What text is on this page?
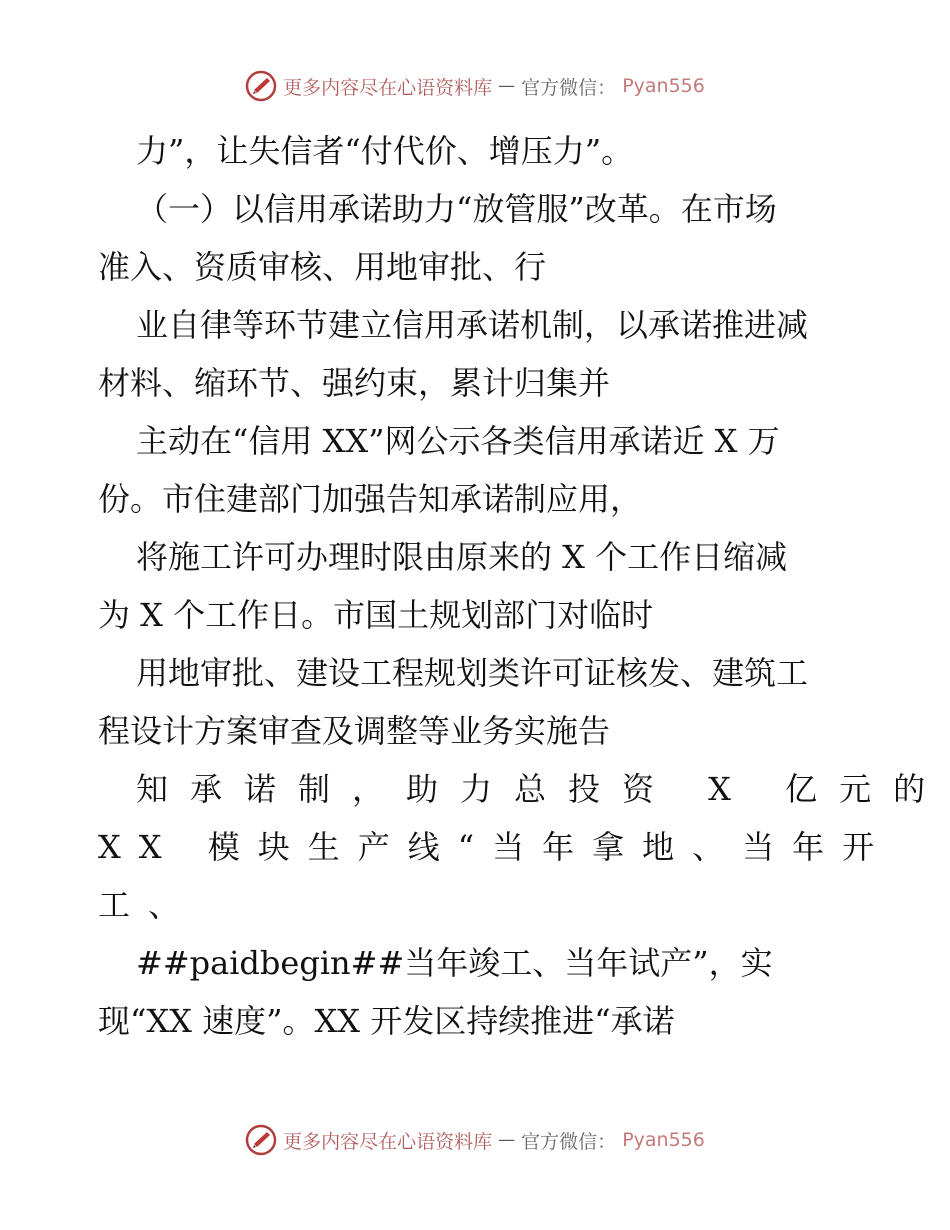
更多内容尽在心语资料库 — 官方微信： Pyan556
力”，让失信者“付代价、增压力”。
（一）以信用承诺助力“放管服”改革。在市场
准入、资质审核、用地审批、行
业自律等环节建立信用承诺机制，以承诺推进减
材料、缩环节、强约束，累计归集并
主动在“信用 XX”网公示各类信用承诺近 X 万
份。市住建部门加强告知承诺制应用，
将施工许可办理时限由原来的 X 个工作日缩减
为 X 个工作日。市国土规划部门对临时
用地审批、建设工程规划类许可证核发、建筑工
程设计方案审查及调整等业务实施告
知承诺制，助力总投资 X 亿元的
XX 模块生产线“当年拿地、当年开
工、
##paidbegin##当年竣工、当年试产”，实
现“XX 速度”。XX 开发区持续推进“承诺
更多内容尽在心语资料库 — 官方微信： Pyan556
